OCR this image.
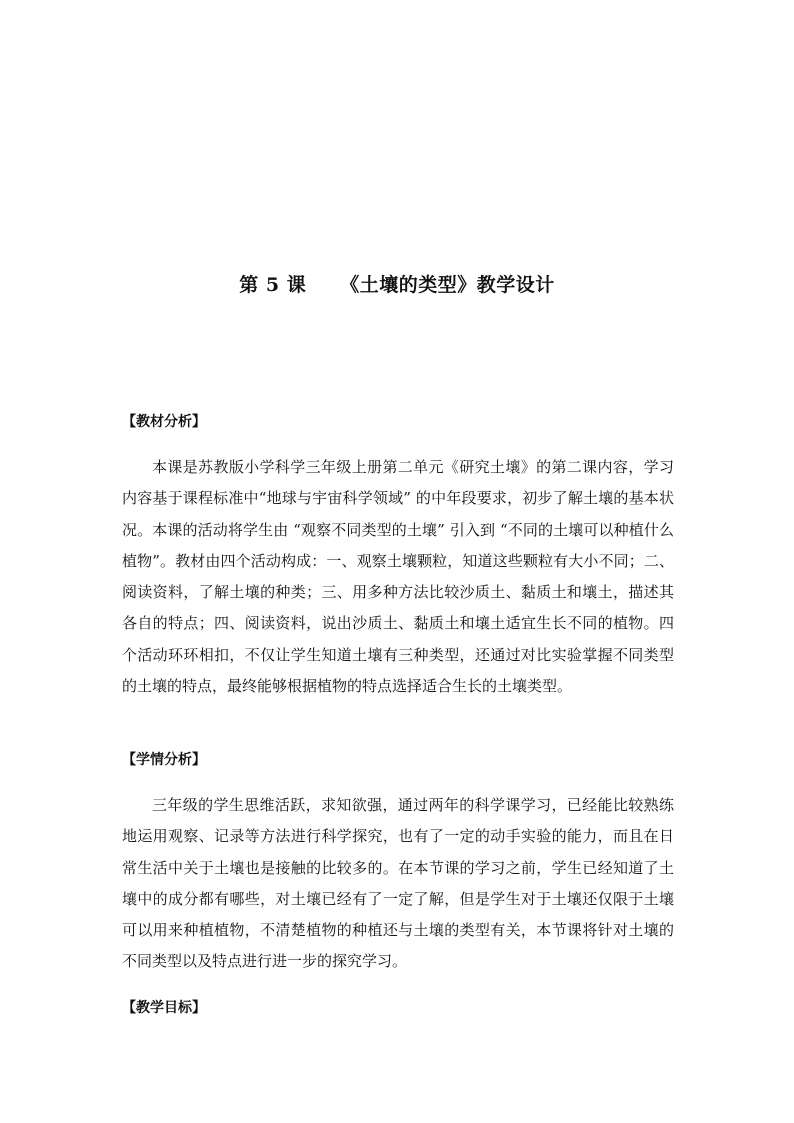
第 5 课 《土壤的类型》教学设计
【教材分析】
本课是苏教版小学科学三年级上册第二单元《研究土壤》的第二课内容，学习内容基于课程标准中“地球与宇宙科学领域” 的中年段要求，初步了解土壤的基本状况。本课的活动将学生由 “观察不同类型的土壤” 引入到 “不同的土壤可以种植什么植物”。教材由四个活动构成：一、观察土壤颗粒，知道这些颗粒有大小不同；二、阅读资料，了解土壤的种类；三、用多种方法比较沙质土、黏质土和壤土，描述其各自的特点；四、阅读资料，说出沙质土、黏质土和壤土适宜生长不同的植物。四个活动环环相扣，不仅让学生知道土壤有三种类型，还通过对比实验掌握不同类型的土壤的特点，最终能够根据植物的特点选择适合生长的土壤类型。
【学情分析】
三年级的学生思维活跃，求知欲强，通过两年的科学课学习，已经能比较熟练地运用观察、记录等方法进行科学探究，也有了一定的动手实验的能力，而且在日常生活中关于土壤也是接触的比较多的。在本节课的学习之前，学生已经知道了土壤中的成分都有哪些，对土壤已经有了一定了解，但是学生对于土壤还仅限于土壤可以用来种植植物，不清楚植物的种植还与土壤的类型有关，本节课将针对土壤的不同类型以及特点进行进一步的探究学习。
【教学目标】
